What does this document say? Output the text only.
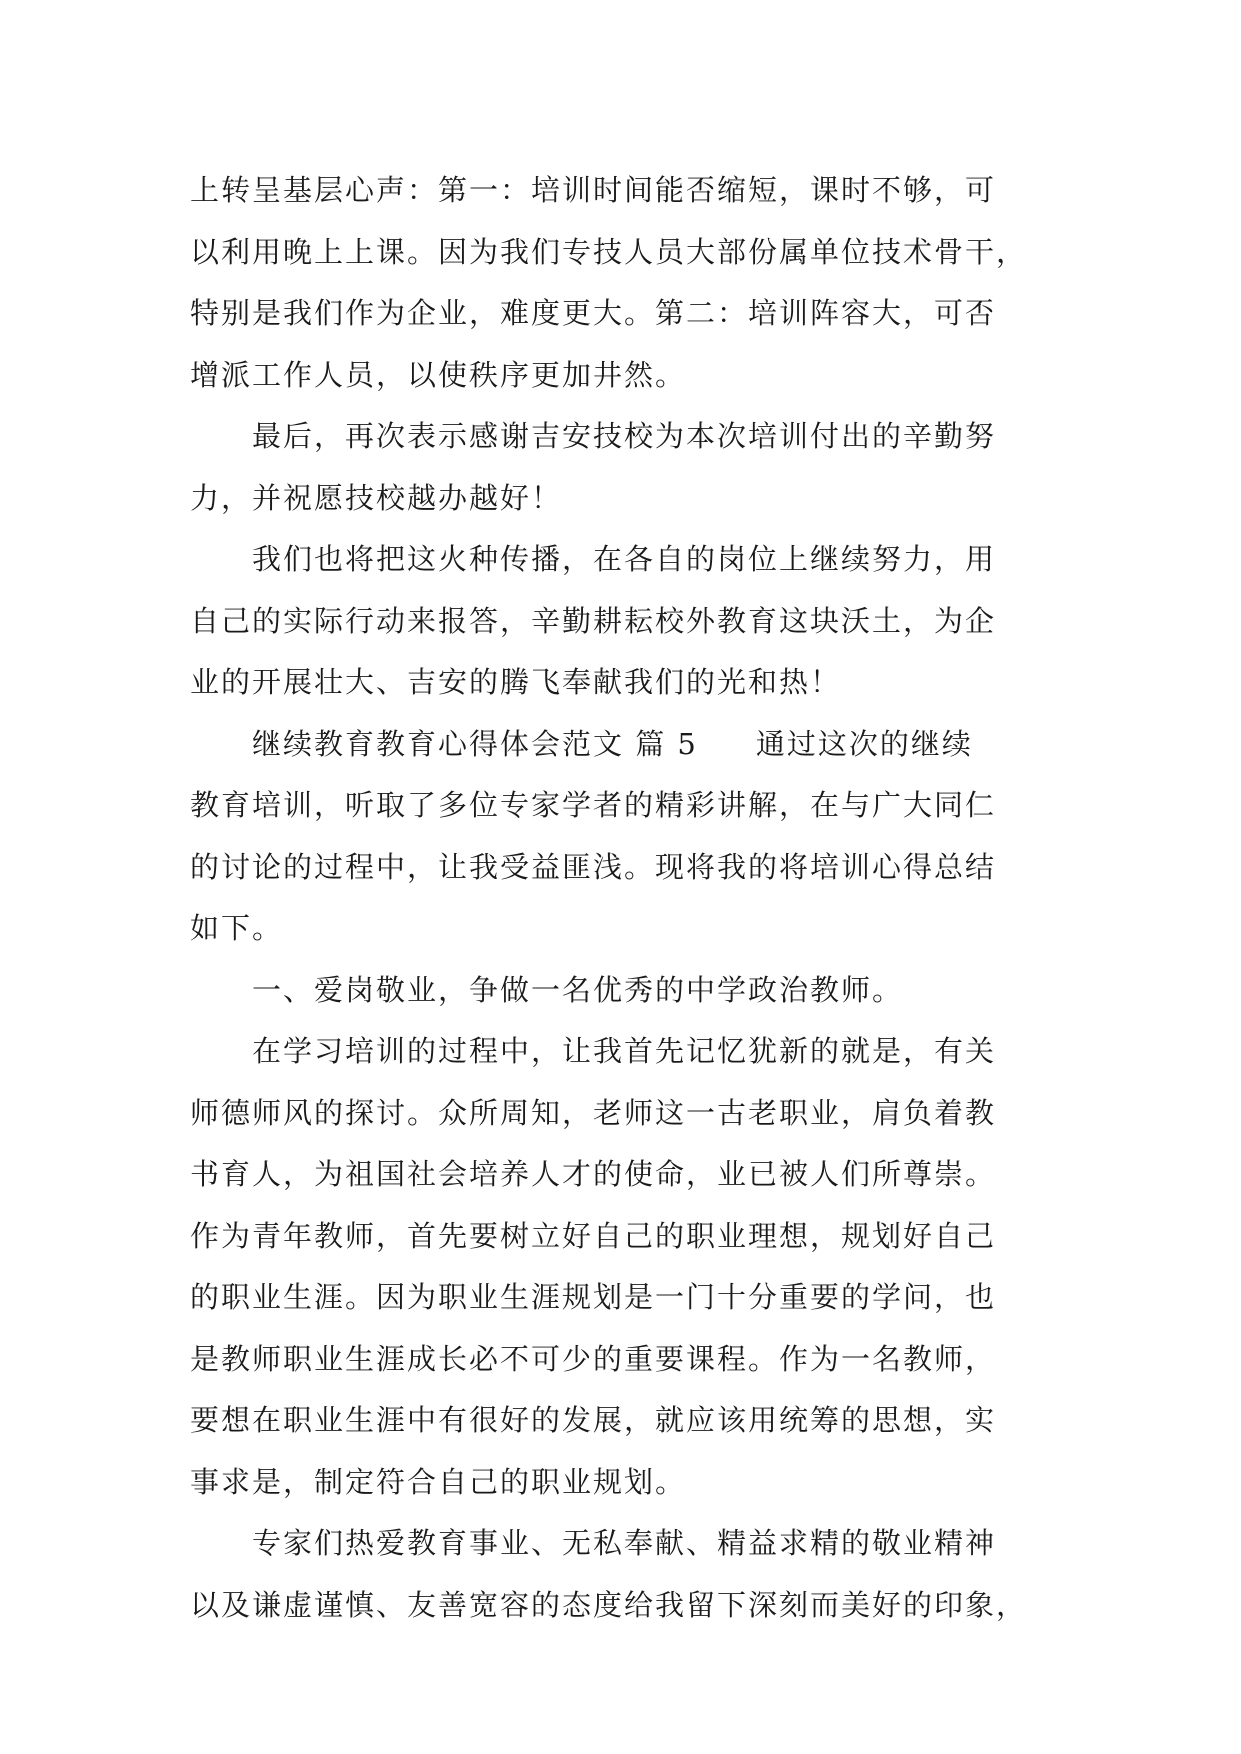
上转呈基层心声：第一：培训时间能否缩短，课时不够，可
以利用晚上上课。因为我们专技人员大部份属单位技术骨干，
特别是我们作为企业，难度更大。第二：培训阵容大，可否
增派工作人员，以使秩序更加井然。
最后，再次表示感谢吉安技校为本次培训付出的辛勤努
力，并祝愿技校越办越好！
我们也将把这火种传播，在各自的岗位上继续努力，用
自己的实际行动来报答，辛勤耕耘校外教育这块沃土，为企
业的开展壮大、吉安的腾飞奉献我们的光和热！
继续教育教育心得体会范文 篇 5 通过这次的继续
教育培训，听取了多位专家学者的精彩讲解，在与广大同仁
的讨论的过程中，让我受益匪浅。现将我的将培训心得总结
如下。
一、爱岗敬业，争做一名优秀的中学政治教师。
在学习培训的过程中，让我首先记忆犹新的就是，有关
师德师风的探讨。众所周知，老师这一古老职业，肩负着教
书育人，为祖国社会培养人才的使命，业已被人们所尊崇。
作为青年教师，首先要树立好自己的职业理想，规划好自己
的职业生涯。因为职业生涯规划是一门十分重要的学问，也
是教师职业生涯成长必不可少的重要课程。作为一名教师，
要想在职业生涯中有很好的发展，就应该用统筹的思想，实
事求是，制定符合自己的职业规划。
专家们热爱教育事业、无私奉献、精益求精的敬业精神
以及谦虚谨慎、友善宽容的态度给我留下深刻而美好的印象，
